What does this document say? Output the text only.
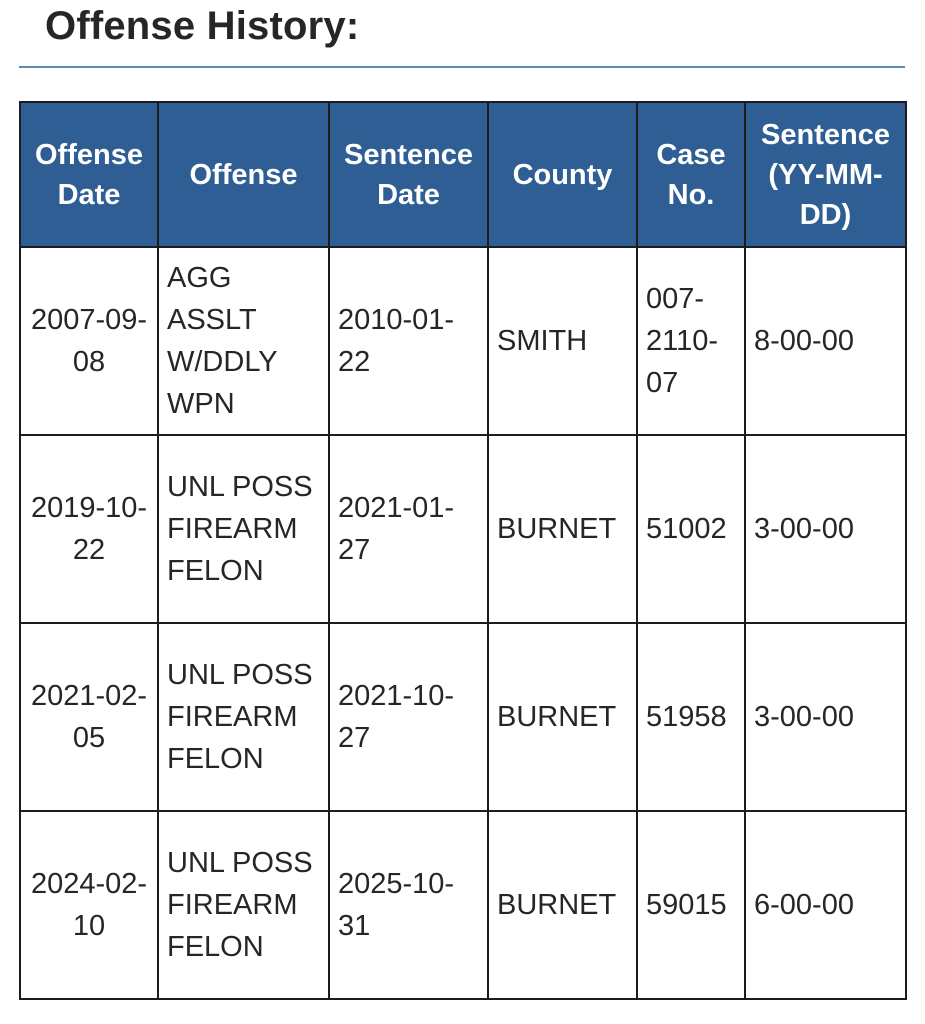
Offense History:
Offense Date	Offense	Sentence Date	County	Case No.	Sentence (YY-MM-DD)
2007-09-08	AGG ASSLT W/DDLY WPN	2010-01-22	SMITH	007-2110-07	8-00-00
2019-10-22	UNL POSS FIREARM FELON	2021-01-27	BURNET	51002	3-00-00
2021-02-05	UNL POSS FIREARM FELON	2021-10-27	BURNET	51958	3-00-00
2024-02-10	UNL POSS FIREARM FELON	2025-10-31	BURNET	59015	6-00-00
